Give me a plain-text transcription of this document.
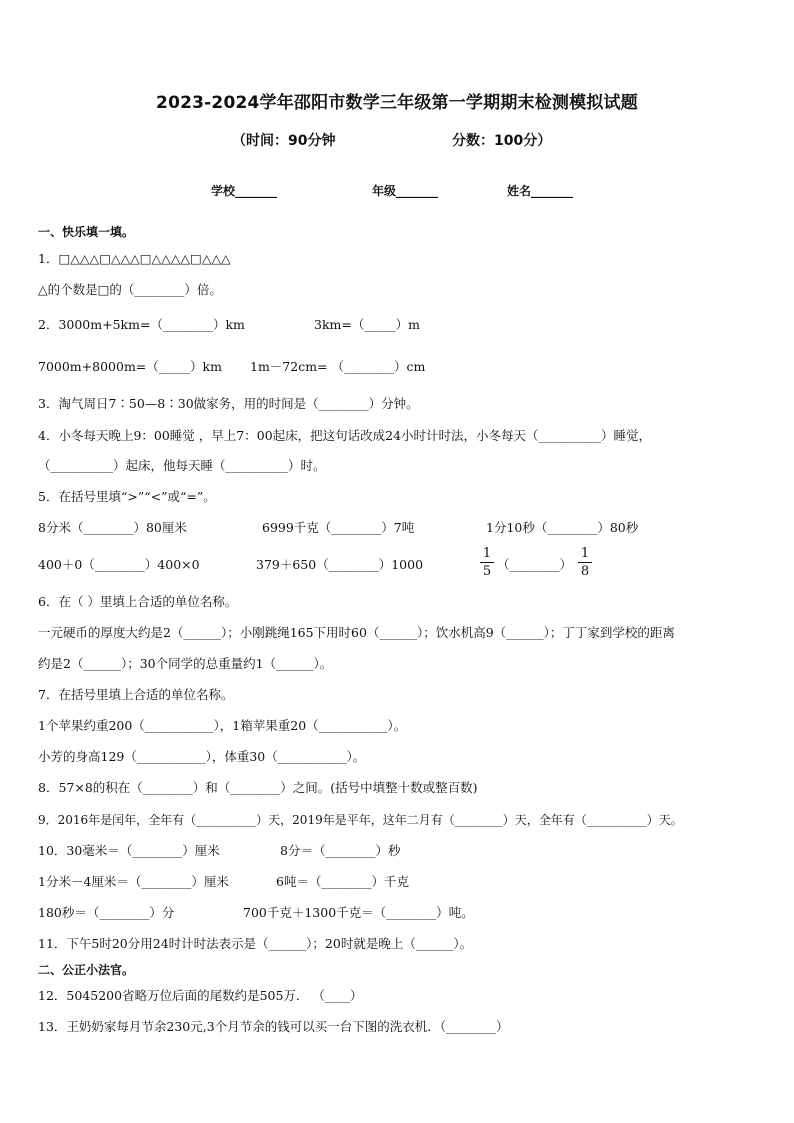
2023-2024学年邵阳市数学三年级第一学期期末检测模拟试题
（时间：90分钟	分数：100分）
学校_______	年级_______	姓名_______
一、快乐填一填。
1．□△△△□△△△□△△△△□△△△
△的个数是□的（________）倍。
2．3000m+5km=（________）km	3km=（_____）m
7000m+8000m=（_____）km 1m－72cm= （________）cm
3．淘气周日7∶50—8∶30做家务，用的时间是（________）分钟。
4．小冬每天晚上9：00睡觉 ，早上7：00起床，把这句话改成24小时计时法，小冬每天（__________）睡觉，
（__________）起床，他每天睡（__________）时。
5．在括号里填“>”“<”或“=”。
8分米（________）80厘米	6999千克（________）7吨	1分10秒（________）80秒
400＋0（________）400×0	379＋650（________）1000	$\frac{1}{5}$ （________） $\frac{1}{8}$
6．在（ ）里填上合适的单位名称。
一元硬币的厚度大约是2（______）；小刚跳绳165下用时60（______）；饮水机高9（______）；丁丁家到学校的距离
约是2（______）；30个同学的总重量约1（______）。
7．在括号里填上合适的单位名称。
1个苹果约重200（___________），1箱苹果重20（___________）。
小芳的身高129（___________），体重30（___________）。
8．57×8的积在（________）和（________）之间。(括号中填整十数或整百数)
9．2016年是闰年，全年有（__________）天，2019年是平年，这年二月有（________）天，全年有（__________）天。
10．30毫米＝（________）厘米	8分＝（________）秒
1分米－4厘米＝（________）厘米	6吨＝（________）千克
180秒＝（________）分	700千克＋1300千克＝（________）吨。
11．下午5时20分用24时计时法表示是（______）；20时就是晚上（______）。
二、公正小法官。
12．5045200省略万位后面的尾数约是505万． （____）
13．王奶奶家每月节余230元,3个月节余的钱可以买一台下图的洗衣机．（________）
